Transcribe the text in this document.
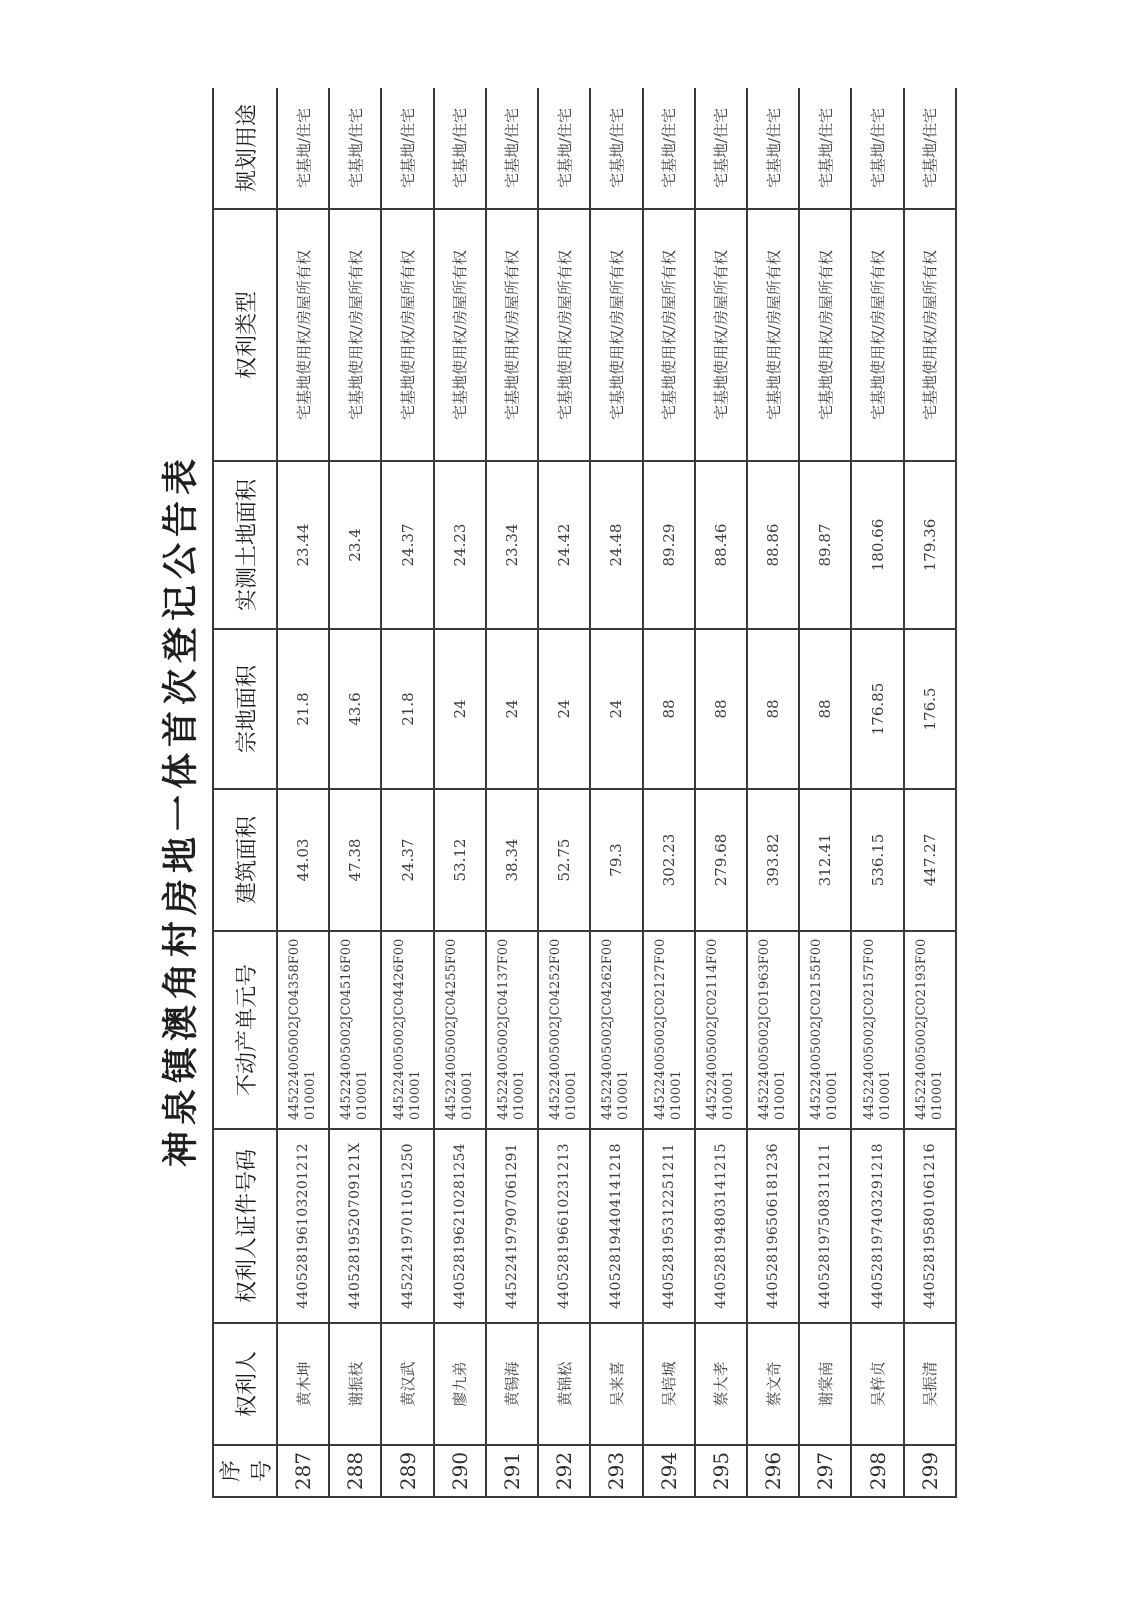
神泉镇澳角村房地一体首次登记公告表
序号	权利人	权利人证件号码	不动产单元号	建筑面积	宗地面积	实测土地面积	权利类型	规划用途
287	黄木坤	440528196103201212	445224005002JC04358F00010001	44.03	21.8	23.44	宅基地使用权/房屋所有权	宅基地/住宅
288	谢振枝	44052819520709121X	445224005002JC04516F00010001	47.38	43.6	23.4	宅基地使用权/房屋所有权	宅基地/住宅
289	黄汉武	445224197011051250	445224005002JC04426F00010001	24.37	21.8	24.37	宅基地使用权/房屋所有权	宅基地/住宅
290	廖九弟	440528196210281254	445224005002JC04255F00010001	53.12	24	24.23	宅基地使用权/房屋所有权	宅基地/住宅
291	黄锡海	445224197907061291	445224005002JC04137F00010001	38.34	24	23.34	宅基地使用权/房屋所有权	宅基地/住宅
292	黄锦松	440528196610231213	445224005002JC04252F00010001	52.75	24	24.42	宅基地使用权/房屋所有权	宅基地/住宅
293	吴来喜	440528194404141218	445224005002JC04262F00010001	79.3	24	24.48	宅基地使用权/房屋所有权	宅基地/住宅
294	吴培城	440528195312251211	445224005002JC02127F00010001	302.23	88	89.29	宅基地使用权/房屋所有权	宅基地/住宅
295	蔡大孝	440528194803141215	445224005002JC02114F00010001	279.68	88	88.46	宅基地使用权/房屋所有权	宅基地/住宅
296	蔡文奇	440528196506181236	445224005002JC01963F00010001	393.82	88	88.86	宅基地使用权/房屋所有权	宅基地/住宅
297	谢棠南	440528197508311211	445224005002JC02155F00010001	312.41	88	89.87	宅基地使用权/房屋所有权	宅基地/住宅
298	吴梓贞	440528197403291218	445224005002JC02157F00010001	536.15	176.85	180.66	宅基地使用权/房屋所有权	宅基地/住宅
299	吴振清	440528195801061216	445224005002JC02193F00010001	447.27	176.5	179.36	宅基地使用权/房屋所有权	宅基地/住宅
